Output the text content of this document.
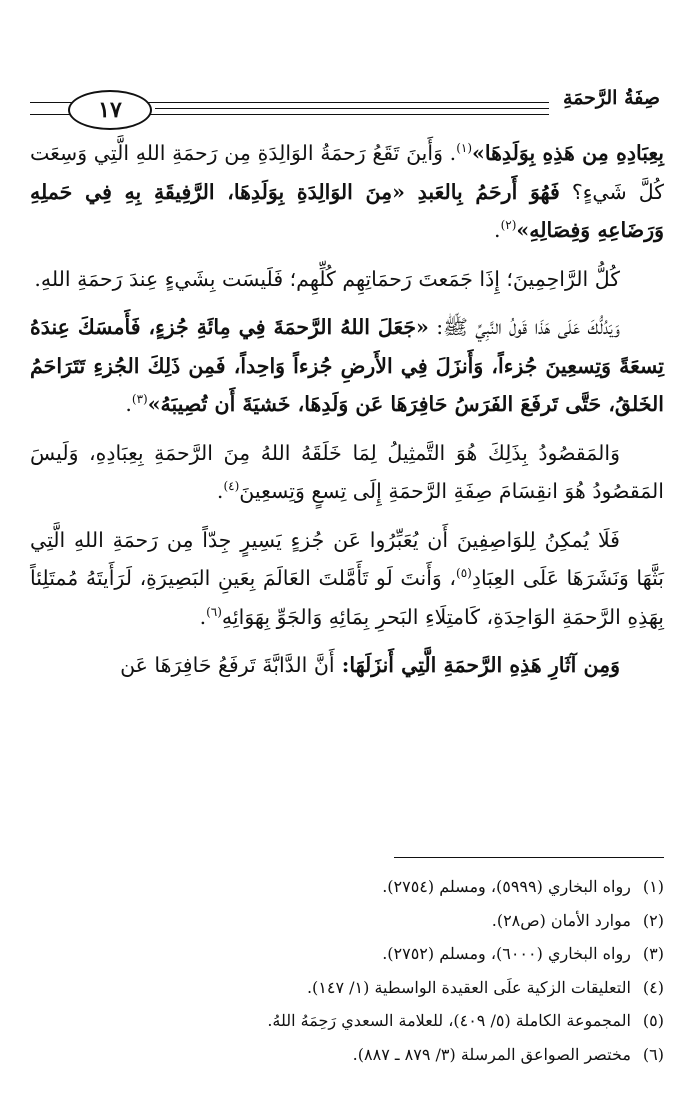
صِفَةُ الرَّحمَةِ
١٧

بِعِبَادِهِ مِن هَذِهِ بِوَلَدِهَا»$^{(١)}$. وَأَينَ تَقَعُ رَحمَةُ الوَالِدَةِ مِن رَحمَةِ اللهِ الَّتِي وَسِعَت كُلَّ شَيءٍ؟ فَهُوَ أَرحَمُ بِالعَبدِ «مِنَ الوَالِدَةِ بِوَلَدِهَا، الرَّفِيقَةِ بِهِ فِي حَملِهِ وَرَضَاعِهِ وَفِصَالِهِ»$^{(٢)}$.

كُلُّ الرَّاحِمِينَ؛ إِذَا جَمَعتَ رَحمَاتِهِم كُلِّهِم؛ فَلَيسَت بِشَيءٍ عِندَ رَحمَةِ اللهِ.

وَيَدُلُّكَ عَلَى هَذَا قَولُ النَّبِيِّ ﷺ: «جَعَلَ اللهُ الرَّحمَةَ فِي مِائَةِ جُزءٍ، فَأَمسَكَ عِندَهُ تِسعَةً وَتِسعِينَ جُزءاً، وَأَنزَلَ فِي الأَرضِ جُزءاً وَاحِداً، فَمِن ذَلِكَ الجُزءِ تَتَرَاحَمُ الخَلقُ، حَتَّى تَرفَعَ الفَرَسُ حَافِرَهَا عَن وَلَدِهَا، خَشيَةَ أَن تُصِيبَهُ»$^{(٣)}$.

وَالمَقصُودُ بِذَلِكَ هُوَ التَّمثِيلُ لِمَا خَلَقَهُ اللهُ مِنَ الرَّحمَةِ بِعِبَادِهِ، وَلَيسَ المَقصُودُ هُوَ انقِسَامَ صِفَةِ الرَّحمَةِ إِلَى تِسعٍ وَتِسعِينَ$^{(٤)}$.

فَلَا يُمكِنُ لِلوَاصِفِينَ أَن يُعَبِّرُوا عَن جُزءٍ يَسِيرٍ جِدّاً مِن رَحمَةِ اللهِ الَّتِي بَثَّهَا وَنَشَرَهَا عَلَى العِبَادِ$^{(٥)}$، وَأَنتَ لَو تَأَمَّلتَ العَالَمَ بِعَينِ البَصِيرَةِ، لَرَأَيتَهُ مُمتَلِئاً بِهَذِهِ الرَّحمَةِ الوَاحِدَةِ، كَامتِلَاءِ البَحرِ بِمَائِهِ وَالجَوِّ بِهَوَائِهِ$^{(٦)}$.

وَمِن آثَارِ هَذِهِ الرَّحمَةِ الَّتِي أَنزَلَهَا: أَنَّ الدَّابَّةَ تَرفَعُ حَافِرَهَا عَن

(١)رواه البخاري (٥٩٩٩)، ومسلم (٢٧٥٤).
(٢)موارد الأمان (ص٢٨).
(٣)رواه البخاري (٦٠٠٠)، ومسلم (٢٧٥٢).
(٤)التعليقات الزكية علَى العقيدة الواسطية (١/ ١٤٧).
(٥)المجموعة الكاملة (٥/ ٤٠٩)، للعلامة السعدي رَحِمَهُ اللهُ.
(٦)مختصر الصواعق المرسلة (٣/ ٨٧٩ ـ ٨٨٧).
